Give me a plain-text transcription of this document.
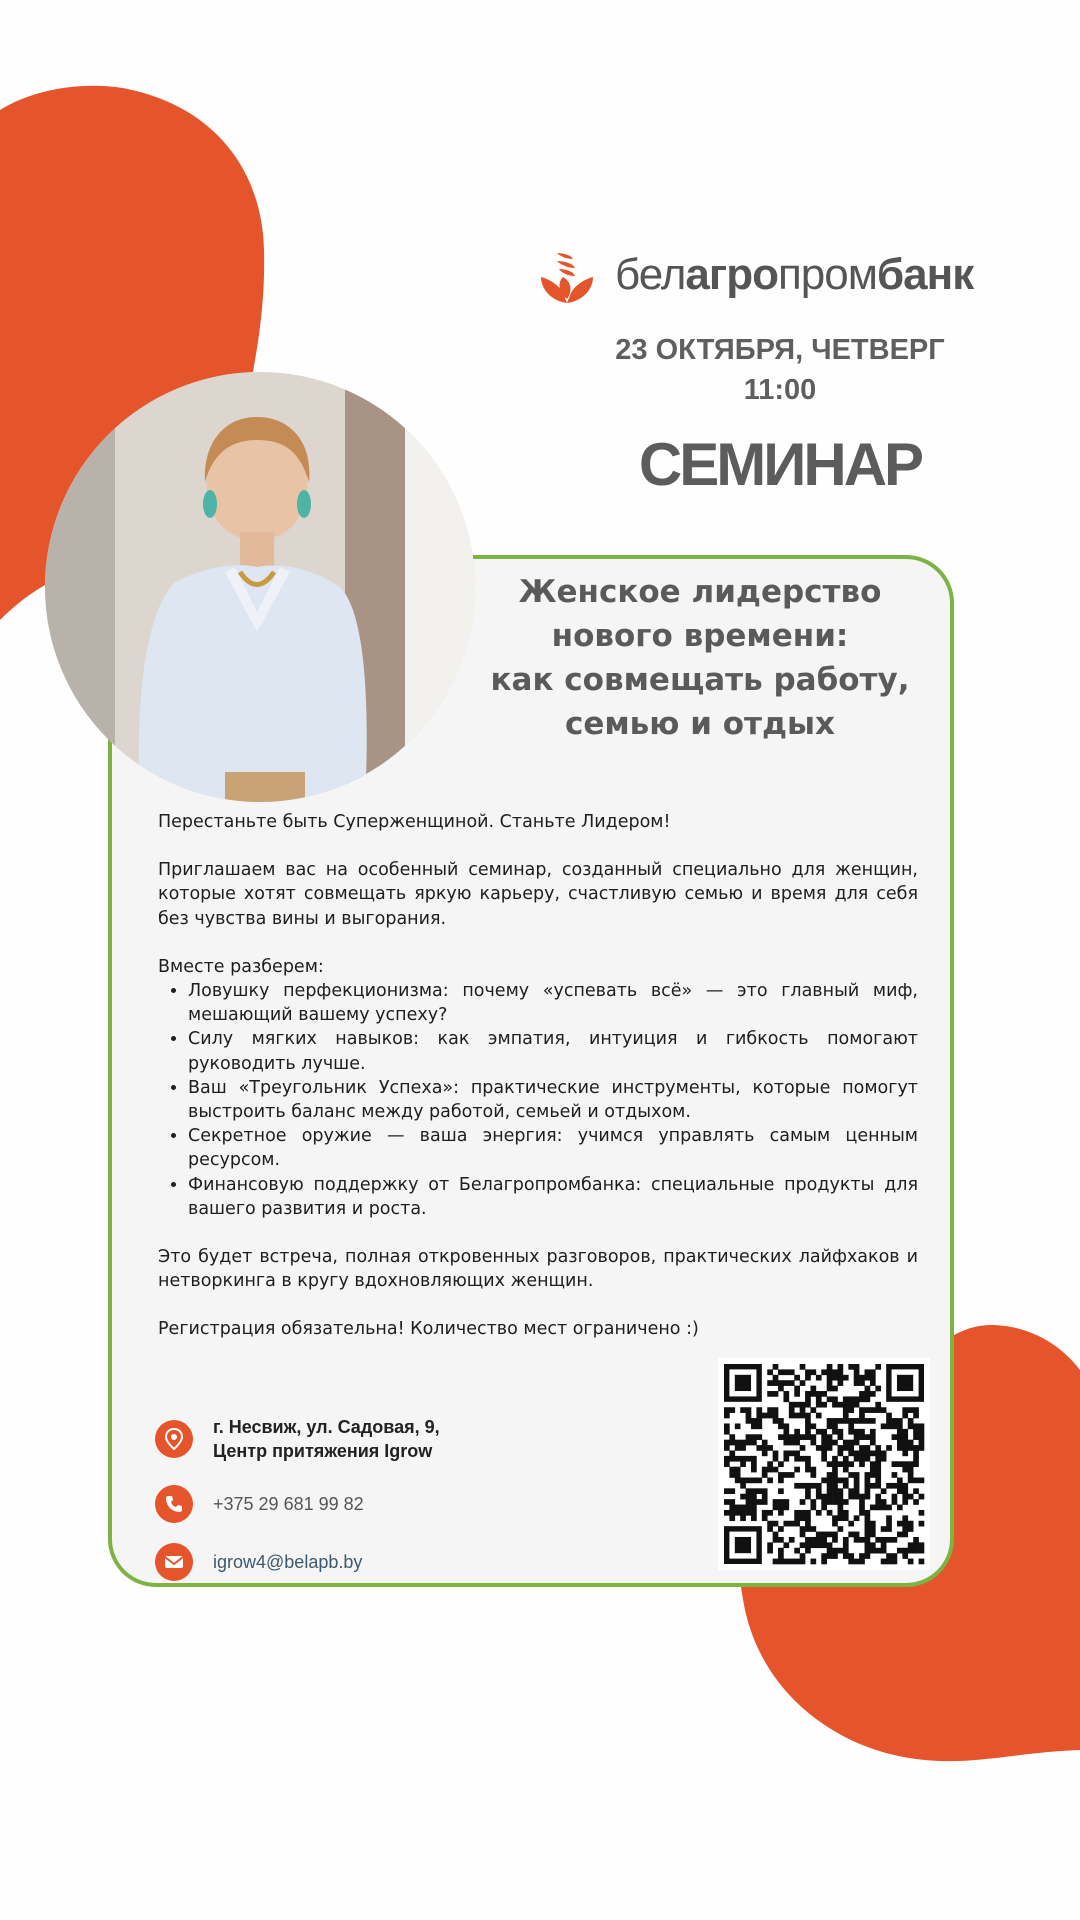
белагропромбанк
23 ОКТЯБРЯ, ЧЕТВЕРГ
11:00
СЕМИНАР
Женское лидерство
нового времени:
как совмещать работу,
семью и отдых

Перестаньте быть Суперженщиной. Станьте Лидером!

Приглашаем вас на особенный семинар, созданный специально для женщин, которые хотят совмещать яркую карьеру, счастливую семью и время для себя без чувства вины и выгорания.

Вместе разберем:

• Ловушку перфекционизма: почему «успевать всё» — это главный миф, мешающий вашему успеху?
• Силу мягких навыков: как эмпатия, интуиция и гибкость помогают руководить лучше.
• Ваш «Треугольник Успеха»: практические инструменты, которые помогут выстроить баланс между работой, семьей и отдыхом.
• Секретное оружие — ваша энергия: учимся управлять самым ценным ресурсом.
• Финансовую поддержку от Белагропромбанка: специальные продукты для вашего развития и роста.

Это будет встреча, полная откровенных разговоров, практических лайфхаков и нетворкинга в кругу вдохновляющих женщин.

Регистрация обязательна! Количество мест ограничено :)

г. Несвиж, ул. Садовая, 9,
Центр притяжения Igrow
+375 29 681 99 82
igrow4@belapb.by
